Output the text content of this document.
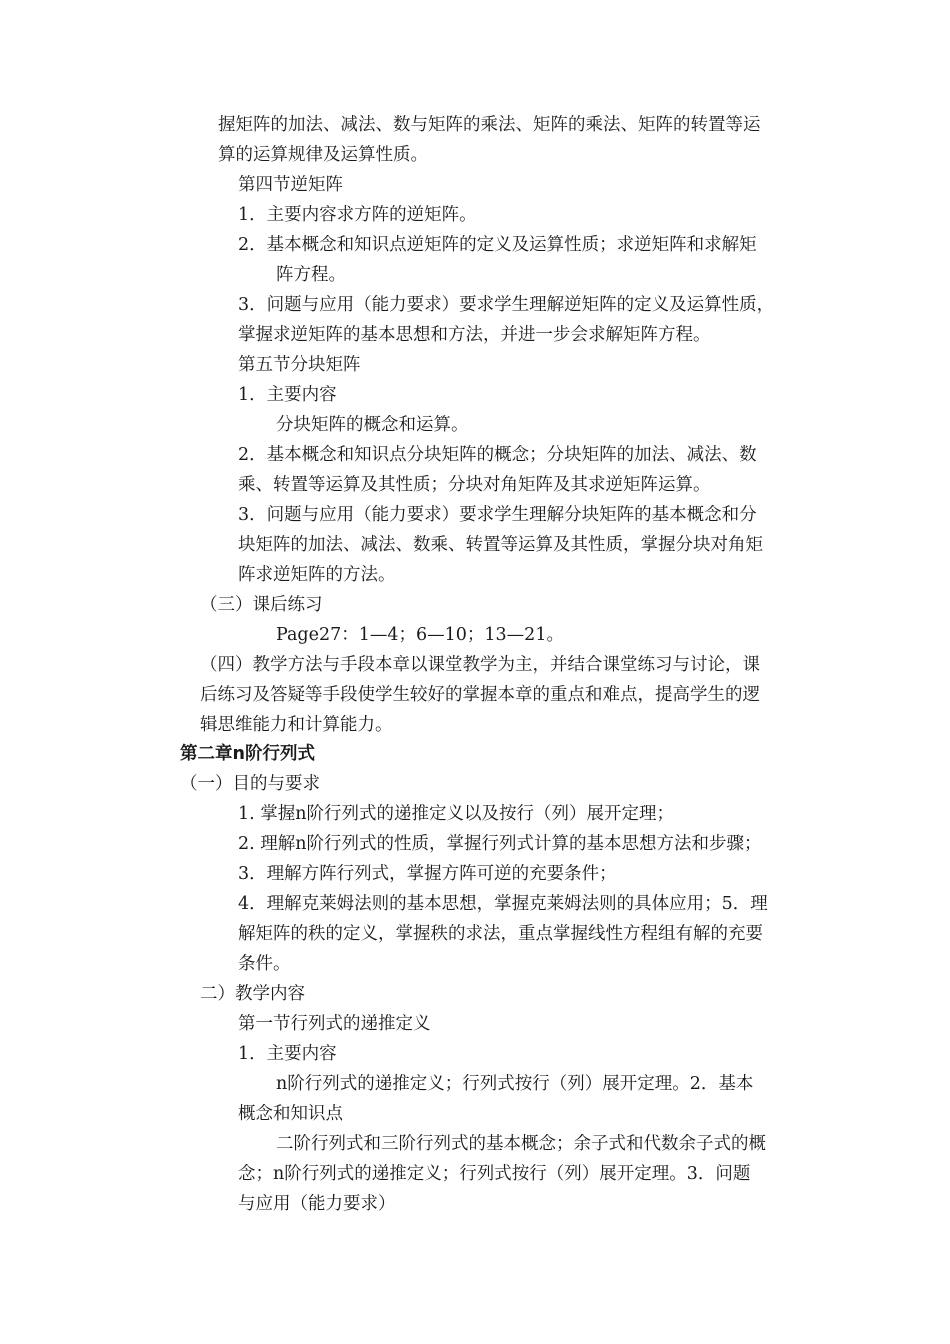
握矩阵的加法、减法、数与矩阵的乘法、矩阵的乘法、矩阵的转置等运
算的运算规律及运算性质。
第四节逆矩阵
1．主要内容求方阵的逆矩阵。
2．基本概念和知识点逆矩阵的定义及运算性质；求逆矩阵和求解矩
阵方程。
3．问题与应用（能力要求）要求学生理解逆矩阵的定义及运算性质，
掌握求逆矩阵的基本思想和方法，并进一步会求解矩阵方程。
第五节分块矩阵
1．主要内容
分块矩阵的概念和运算。
2．基本概念和知识点分块矩阵的概念；分块矩阵的加法、减法、数
乘、转置等运算及其性质；分块对角矩阵及其求逆矩阵运算。
3．问题与应用（能力要求）要求学生理解分块矩阵的基本概念和分
块矩阵的加法、减法、数乘、转置等运算及其性质，掌握分块对角矩
阵求逆矩阵的方法。
（三）课后练习
Page27：1—4；6—10；13—21。
（四）教学方法与手段本章以课堂教学为主，并结合课堂练习与讨论，课
后练习及答疑等手段使学生较好的掌握本章的重点和难点，提高学生的逻
辑思维能力和计算能力。
第二章n阶行列式
（一）目的与要求
1. 掌握n阶行列式的递推定义以及按行（列）展开定理；
2. 理解n阶行列式的性质，掌握行列式计算的基本思想方法和步骤；
3．理解方阵行列式，掌握方阵可逆的充要条件；
4．理解克莱姆法则的基本思想，掌握克莱姆法则的具体应用；5．理
解矩阵的秩的定义，掌握秩的求法，重点掌握线性方程组有解的充要
条件。
二）教学内容
第一节行列式的递推定义
1．主要内容
n阶行列式的递推定义；行列式按行（列）展开定理。2．基本
概念和知识点
二阶行列式和三阶行列式的基本概念；余子式和代数余子式的概
念；n阶行列式的递推定义；行列式按行（列）展开定理。3．问题
与应用（能力要求）
